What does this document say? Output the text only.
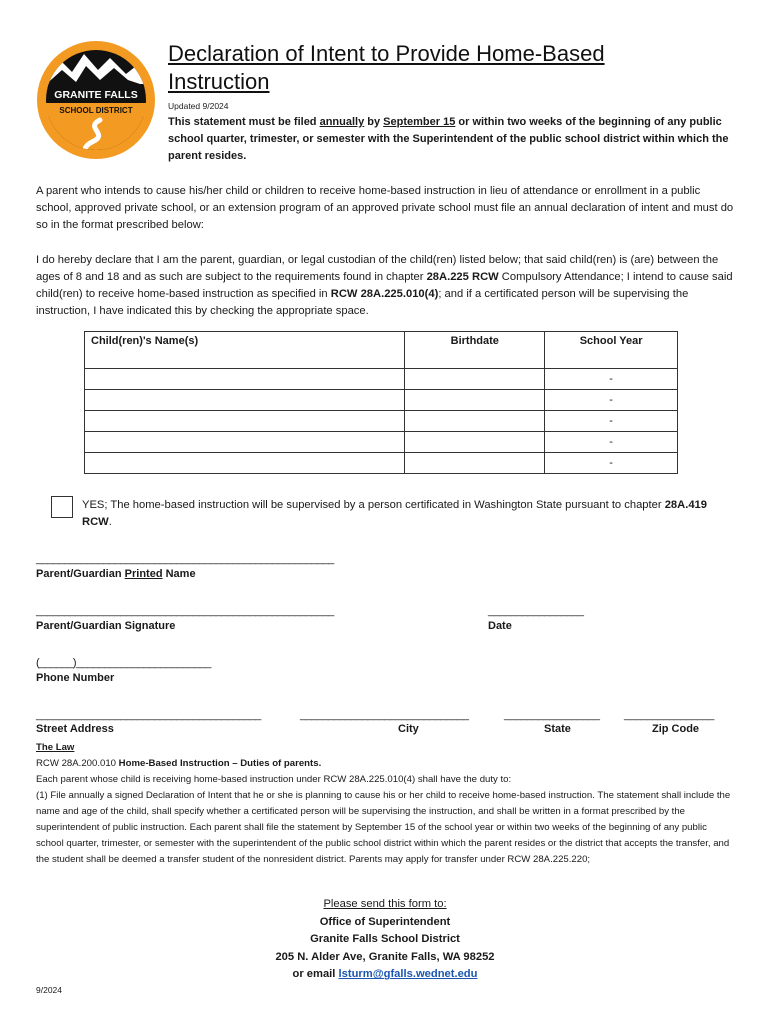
GRANITE FALLS
SCHOOL DISTRICT
Declaration of Intent to Provide Home-Based Instruction
Updated 9/2024
This statement must be filed annually by September 15 or within two weeks of the beginning of any public school quarter, trimester, or semester with the Superintendent of the public school district within which the parent resides.
A parent who intends to cause his/her child or children to receive home-based instruction in lieu of attendance or enrollment in a public school, approved private school, or an extension program of an approved private school must file an annual declaration of intent and must do so in the format prescribed below:
I do hereby declare that I am the parent, guardian, or legal custodian of the child(ren) listed below; that said child(ren) is (are) between the ages of 8 and 18 and as such are subject to the requirements found in chapter 28A.225 RCW Compulsory Attendance; I intend to cause said child(ren) to receive home-based instruction as specified in RCW 28A.225.010(4); and if a certificated person will be supervising the instruction, I have indicated this by checking the appropriate space.
Child(ren)'s Name(s)	Birthdate	School Year
		-
		-
		-
		-
		-
YES; The home-based instruction will be supervised by a person certificated in Washington State pursuant to chapter 28A.419 RCW.
_____________________________________________________
Parent/Guardian Printed Name
_____________________________________________________
Parent/Guardian Signature
_________________
Date
(______)________________________
Phone Number
________________________________________	______________________________	_________________ ________________
Street Address	City	State	Zip Code
The Law
RCW 28A.200.010 Home-Based Instruction – Duties of parents.
Each parent whose child is receiving home-based instruction under RCW 28A.225.010(4) shall have the duty to:
(1) File annually a signed Declaration of Intent that he or she is planning to cause his or her child to receive home-based instruction. The statement shall include the name and age of the child, shall specify whether a certificated person will be supervising the instruction, and shall be written in a format prescribed by the superintendent of public instruction. Each parent shall file the statement by September 15 of the school year or within two weeks of the beginning of any public school quarter, trimester, or semester with the superintendent of the public school district within which the parent resides or the district that accepts the transfer, and the student shall be deemed a transfer student of the nonresident district. Parents may apply for transfer under RCW 28A.225.220;
Please send this form to:
Office of Superintendent
Granite Falls School District
205 N. Alder Ave, Granite Falls, WA 98252
or email lsturm@gfalls.wednet.edu
9/2024
